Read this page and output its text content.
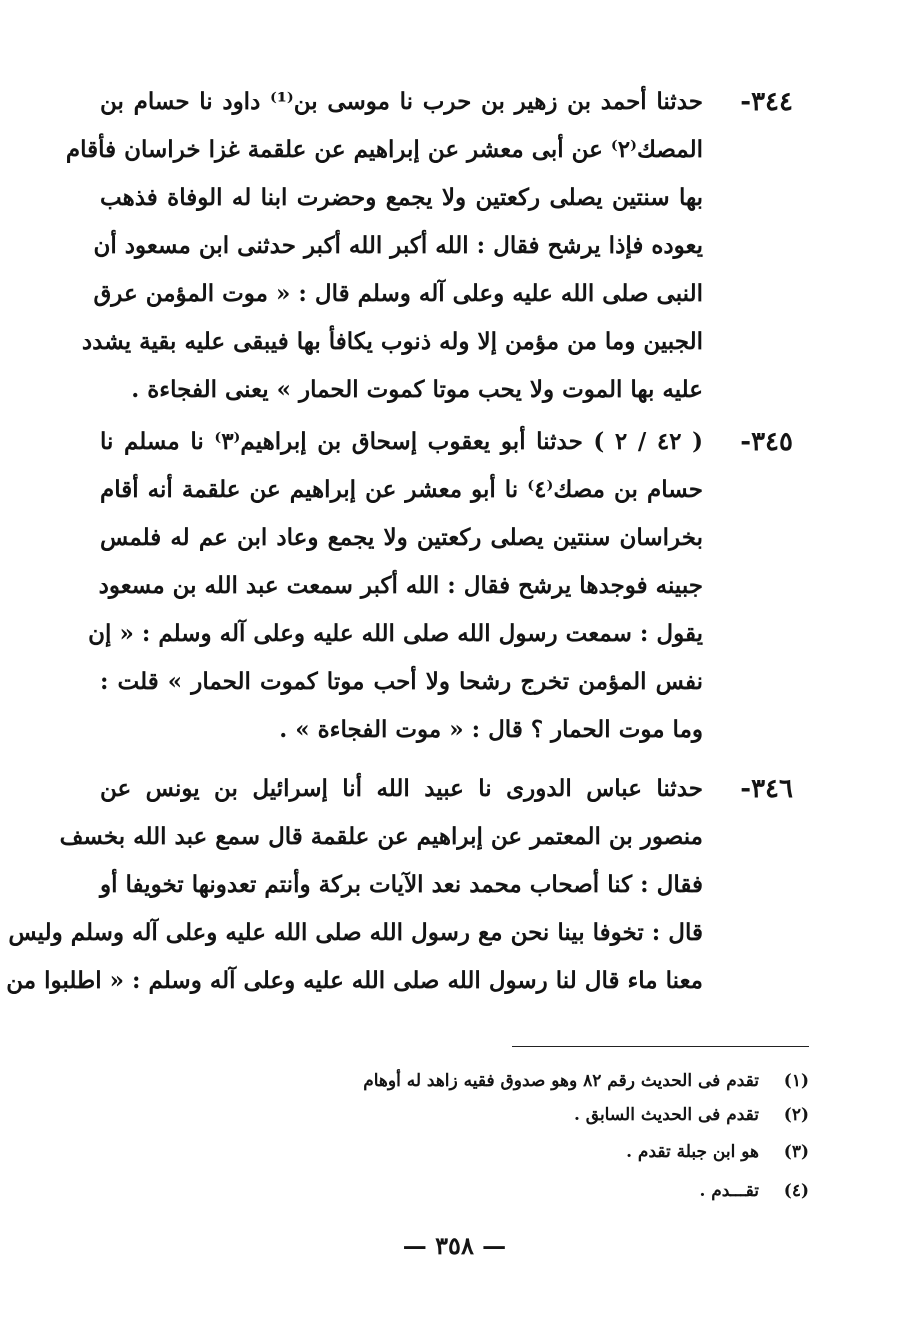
٣٤٤-
حدثنا أحمد بن زهير بن حرب نا موسى بن⁽¹⁾ داود نا حسام بن
المصك⁽٢⁾ عن أبى معشر عن إبراهيم عن علقمة غزا خراسان فأقام
بها سنتين يصلى ركعتين ولا يجمع وحضرت ابنا له الوفاة فذهب
يعوده فإذا يرشح فقال : الله أكبر الله أكبر حدثنى ابن مسعود أن
النبى صلى الله عليه وعلى آله وسلم قال : « موت المؤمن عرق
الجبين وما من مؤمن إلا وله ذنوب يكافأ بها فيبقى عليه بقية يشدد
عليه بها الموت ولا يحب موتا كموت الحمار » يعنى الفجاءة .
٣٤٥-
( ٤٢ / ٢ ) حدثنا أبو يعقوب إسحاق بن إبراهيم⁽٣⁾ نا مسلم نا
حسام بن مصك⁽٤⁾ نا أبو معشر عن إبراهيم عن علقمة أنه أقام
بخراسان سنتين يصلى ركعتين ولا يجمع وعاد ابن عم له فلمس
جبينه فوجدها يرشح فقال : الله أكبر سمعت عبد الله بن مسعود
يقول : سمعت رسول الله صلى الله عليه وعلى آله وسلم : « إن
نفس المؤمن تخرج رشحا ولا أحب موتا كموت الحمار » قلت :
وما موت الحمار ؟ قال : « موت الفجاءة » .
٣٤٦-
حدثنا عباس الدورى نا عبيد الله أنا إسرائيل بن يونس عن
منصور بن المعتمر عن إبراهيم عن علقمة قال سمع عبد الله بخسف
فقال : كنا أصحاب محمد نعد الآيات بركة وأنتم تعدونها تخويفا أو
قال : تخوفا بينا نحن مع رسول الله صلى الله عليه وعلى آله وسلم وليس
معنا ماء قال لنا رسول الله صلى الله عليه وعلى آله وسلم : « اطلبوا من
(١)تقدم فى الحديث رقم ٨٢ وهو صدوق فقيه زاهد له أوهام
(٢)تقدم فى الحديث السابق .
(٣)هو ابن جبلة تقدم .
(٤)تقـــدم .
— ٣٥٨ —
